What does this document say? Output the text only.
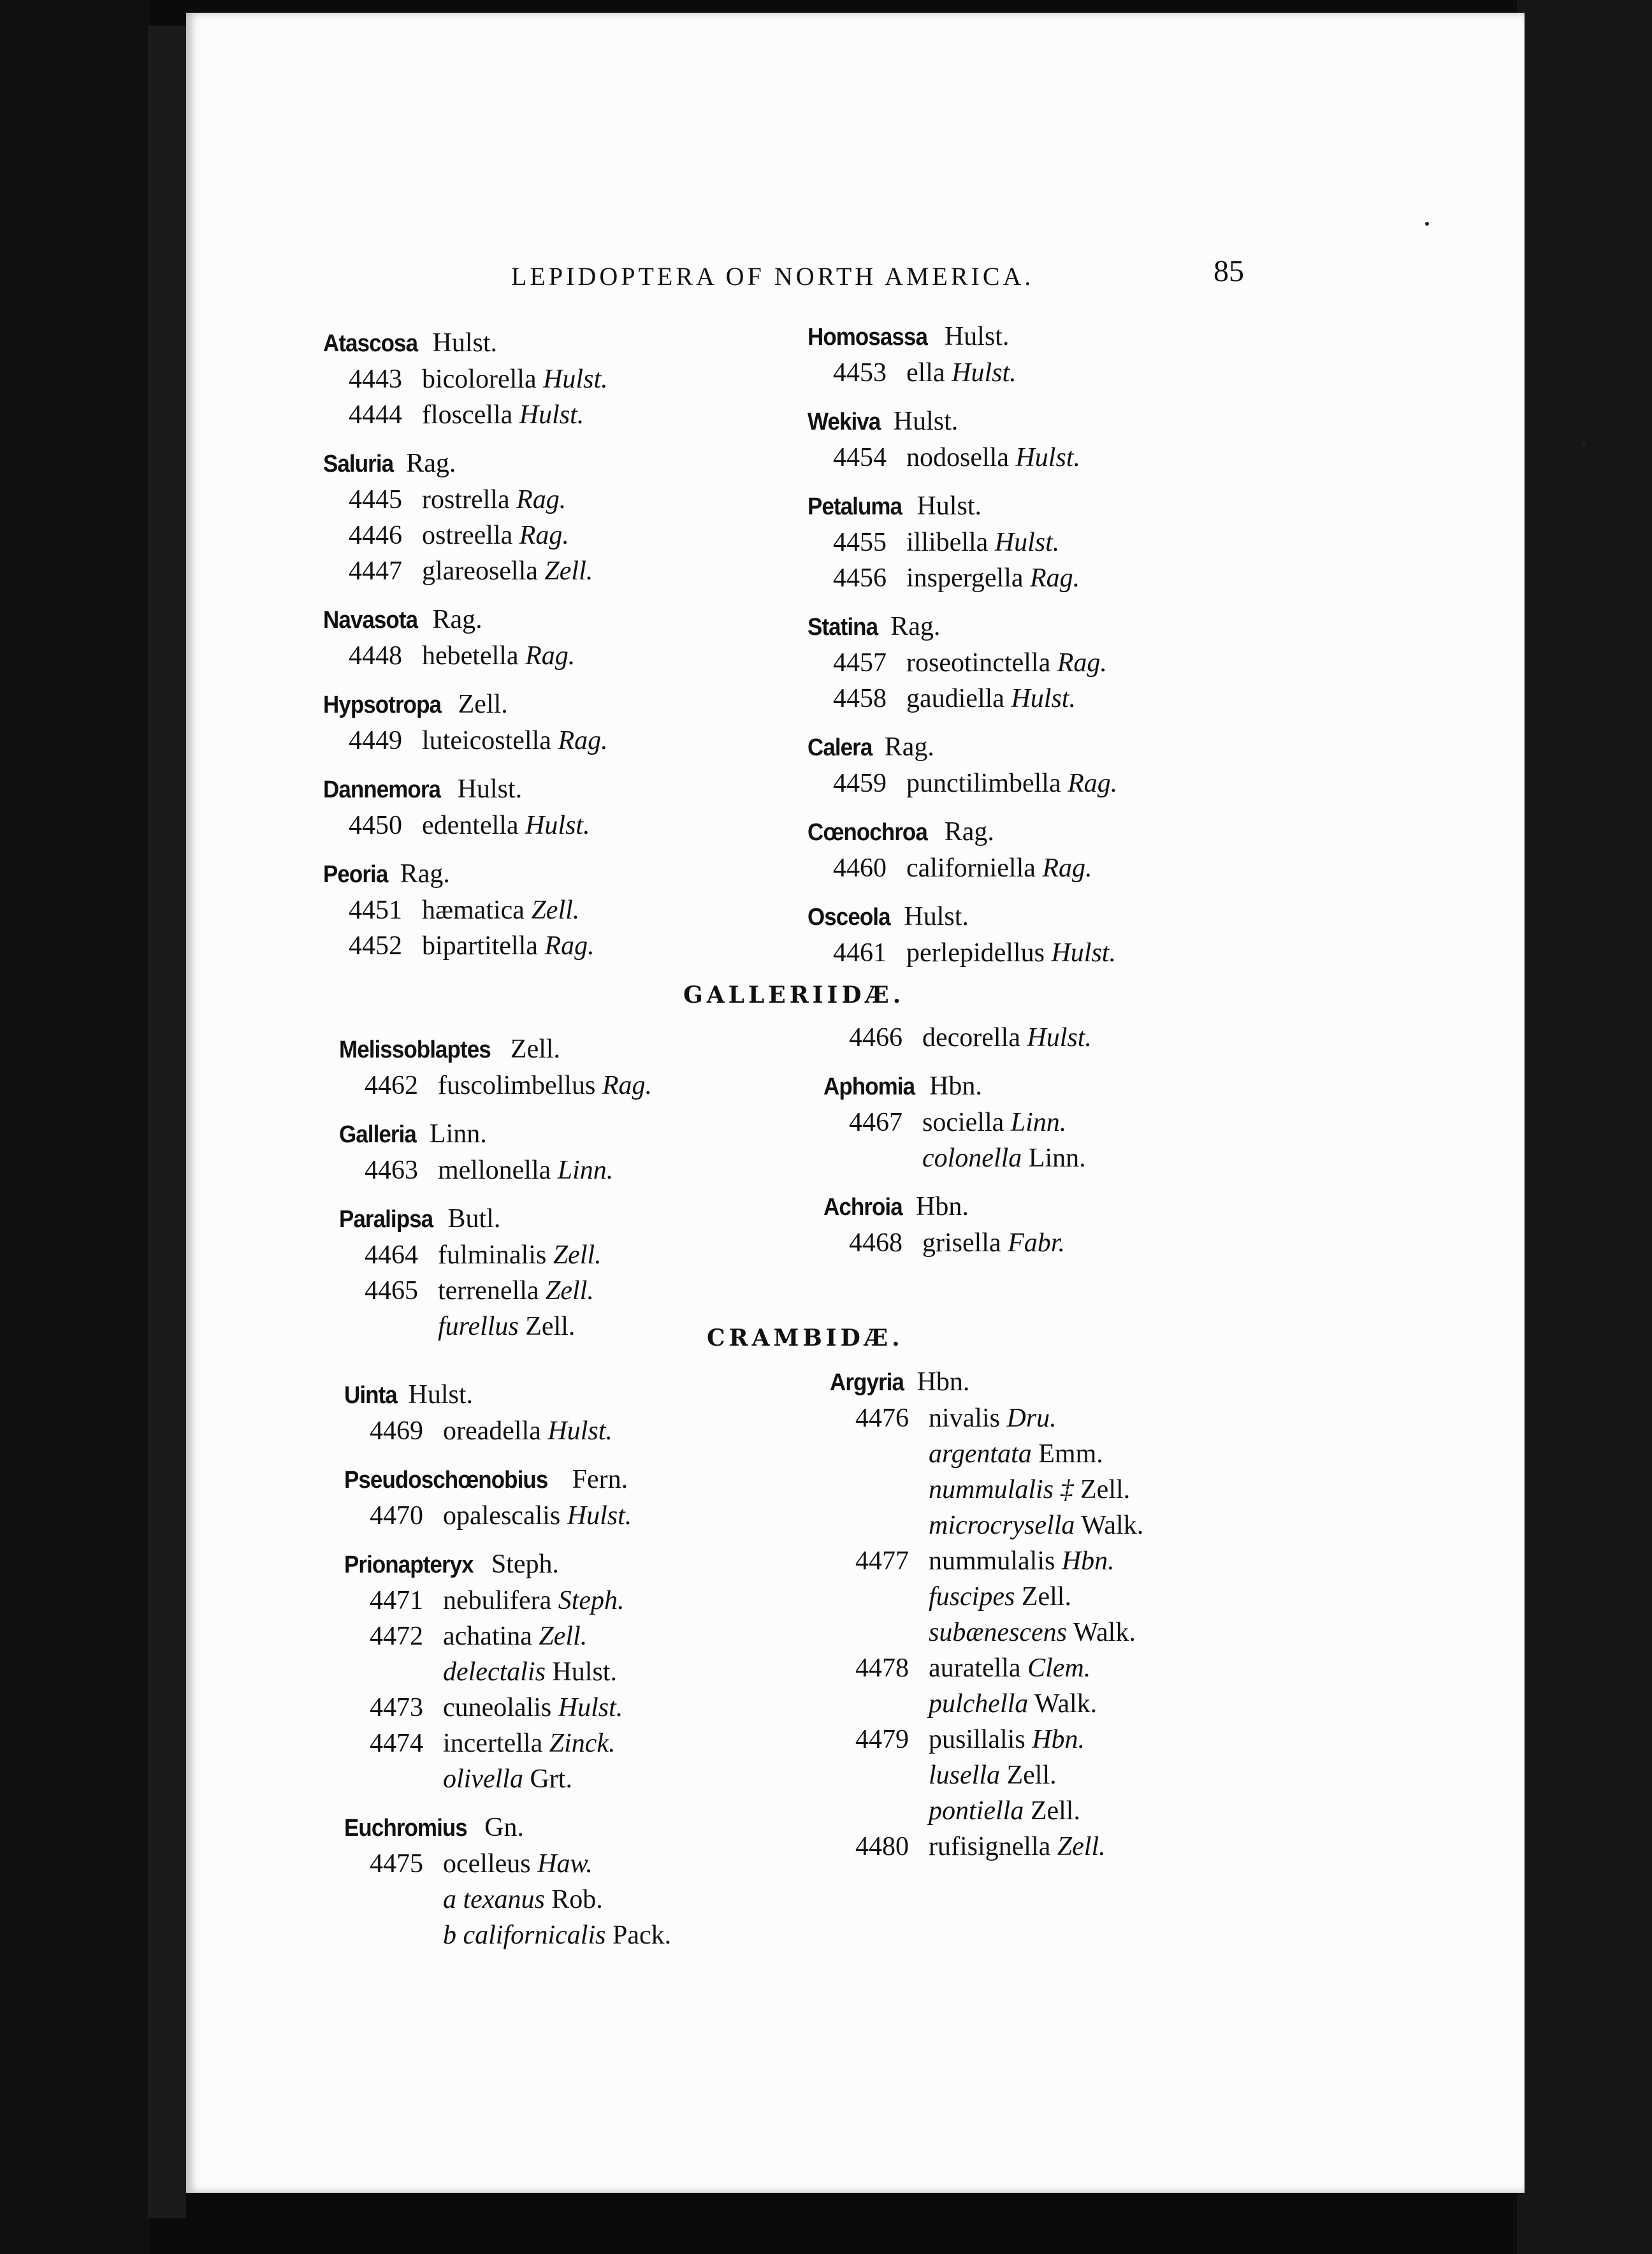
LEPIDOPTERA OF NORTH AMERICA.	85
Atascosa Hulst.
4443 bicolorella Hulst.
4444 floscella Hulst.
Saluria Rag.
4445 rostrella Rag.
4446 ostreella Rag.
4447 glareosella Zell.
Navasota Rag.
4448 hebetella Rag.
Hypsotropa Zell.
4449 luteicostella Rag.
Dannemora Hulst.
4450 edentella Hulst.
Peoria Rag.
4451 hæmatica Zell.
4452 bipartitella Rag.
Homosassa Hulst.
4453 ella Hulst.
Wekiva Hulst.
4454 nodosella Hulst.
Petaluma Hulst.
4455 illibella Hulst.
4456 inspergella Rag.
Statina Rag.
4457 roseotinctella Rag.
4458 gaudiella Hulst.
Calera Rag.
4459 punctilimbella Rag.
Cœnochroa Rag.
4460 californiella Rag.
Osceola Hulst.
4461 perlepidellus Hulst.
GALLERIIDÆ.
Melissoblaptes Zell.
4462 fuscolimbellus Rag.
Galleria Linn.
4463 mellonella Linn.
Paralipsa Butl.
4464 fulminalis Zell.
4465 terrenella Zell.
furellus Zell.
4466 decorella Hulst.
Aphomia Hbn.
4467 sociella Linn.
colonella Linn.
Achroia Hbn.
4468 grisella Fabr.
CRAMBIDÆ.
Uinta Hulst.
4469 oreadella Hulst.
Pseudoschœnobius Fern.
4470 opalescalis Hulst.
Prionapteryx Steph.
4471 nebulifera Steph.
4472 achatina Zell.
delectalis Hulst.
4473 cuneolalis Hulst.
4474 incertella Zinck.
olivella Grt.
Euchromius Gn.
4475 ocelleus Haw.
a texanus Rob.
b californicalis Pack.
Argyria Hbn.
4476 nivalis Dru.
argentata Emm.
nummulalis ‡ Zell.
microcrysella Walk.
4477 nummulalis Hbn.
fuscipes Zell.
subænescens Walk.
4478 auratella Clem.
pulchella Walk.
4479 pusillalis Hbn.
lusella Zell.
pontiella Zell.
4480 rufisignella Zell.
